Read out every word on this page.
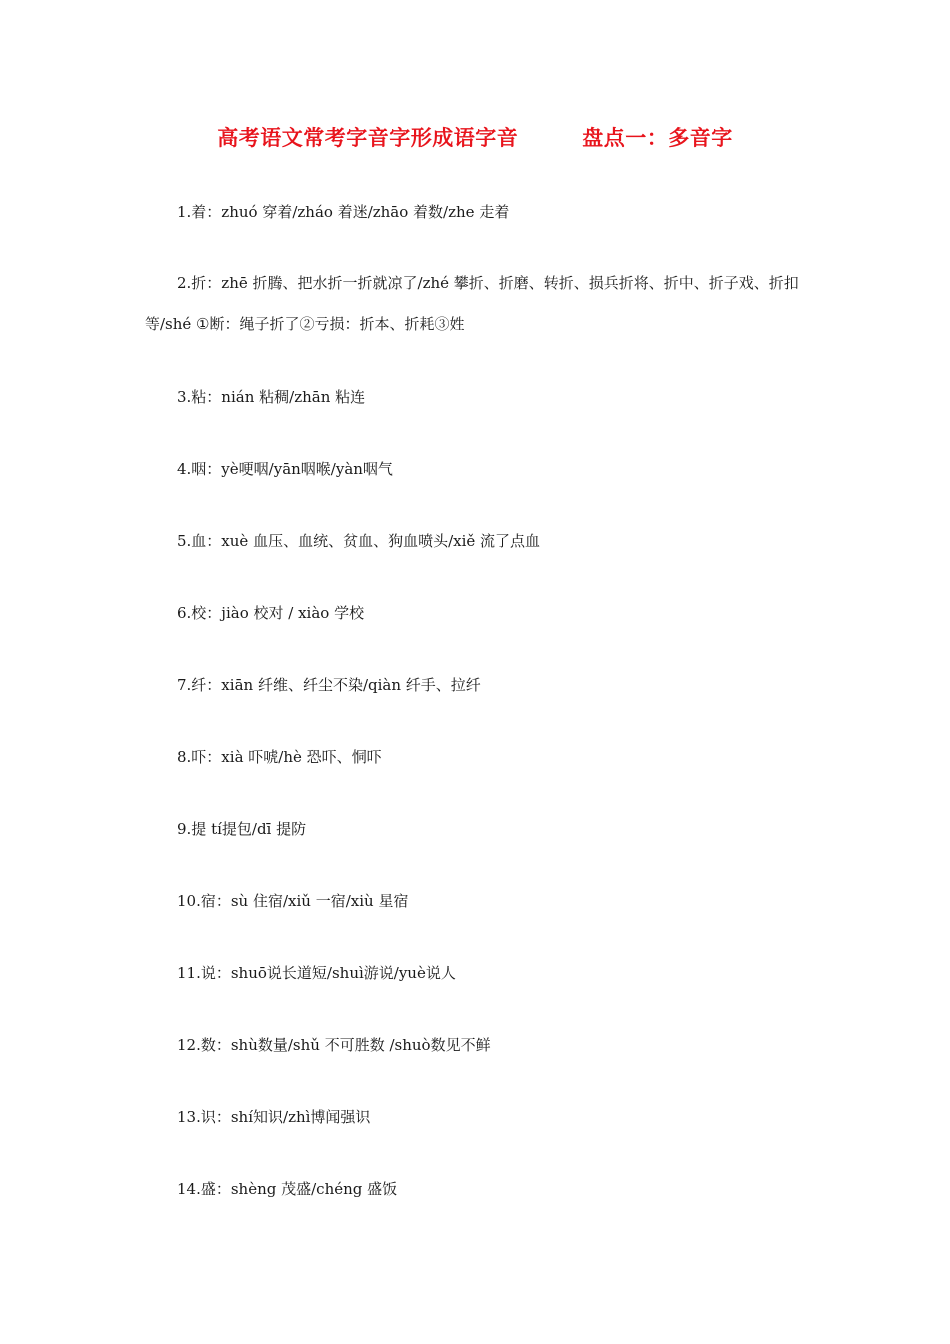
高考语文常考字音字形成语字音	盘点一：多音字

1.着：zhuó 穿着/zháo 着迷/zhāo 着数/zhe 走着

2.折：zhē 折腾、把水折一折就凉了/zhé 攀折、折磨、转折、损兵折将、折中、折子戏、折扣等/shé ①断：绳子折了②亏损：折本、折耗③姓

3.粘：nián 粘稠/zhān 粘连

4.咽：yè哽咽/yān咽喉/yàn咽气

5.血：xuè 血压、血统、贫血、狗血喷头/xiě 流了点血

6.校：jiào 校对 / xiào 学校

7.纤：xiān 纤维、纤尘不染/qiàn 纤手、拉纤

8.吓：xià 吓唬/hè 恐吓、恫吓

9.提 tí提包/dī 提防

10.宿：sù 住宿/xiǔ 一宿/xiù 星宿

11.说：shuō说长道短/shuì游说/yuè说人

12.数：shù数量/shǔ 不可胜数 /shuò数见不鲜

13.识：shí知识/zhì博闻强识

14.盛：shèng 茂盛/chéng 盛饭
